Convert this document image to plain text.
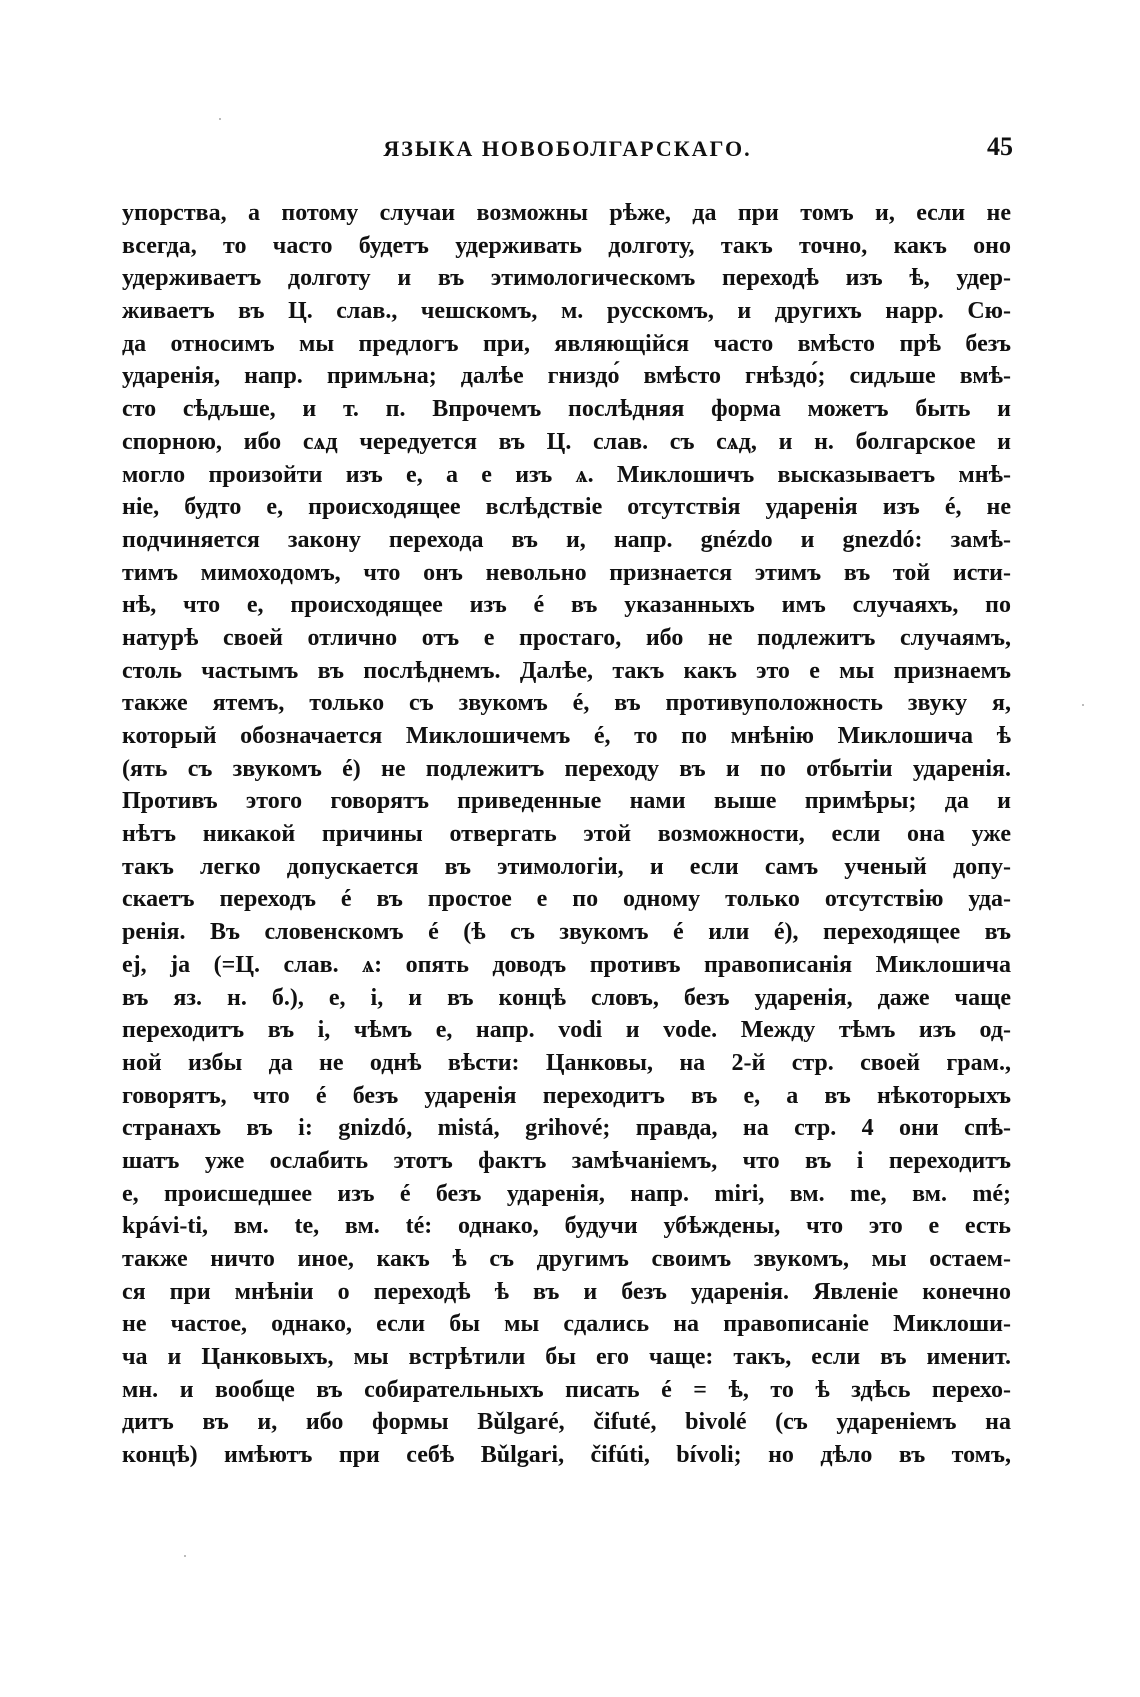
ЯЗЫКА НОВОБОЛГАРСКАГО.	45
упорства, а потому случаи возможны рѣже, да при томъ и, если не
всегда, то часто будетъ удерживать долготу, такъ точно, какъ оно
удерживаетъ долготу и въ этимологическомъ переходѣ изъ ѣ, удер-
живаетъ въ Ц. слав., чешскомъ, м. русскомъ, и другихъ нарр. Сю-
да относимъ мы предлогъ при, являющійся часто вмѣсто прѣ безъ
ударенія, напр. примљна; далѣе гниздо́ вмѣсто гнѣздо́; сидљше вмѣ-
сто сѣдљше, и т. п. Впрочемъ послѣдняя форма можетъ быть и
спорною, ибо сѧд чередуется въ Ц. слав. съ сѧд, и н. болгарское и
могло произойти изъ е, а е изъ ѧ. Миклошичъ высказываетъ мнѣ-
ніе, будто е, происходящее вслѣдствіе отсутствія ударенія изъ é, не
подчиняется закону перехода въ и, напр. gnézdo и gnezdó: замѣ-
тимъ мимоходомъ, что онъ невольно признается этимъ въ той исти-
нѣ, что е, происходящее изъ é въ указанныхъ имъ случаяхъ, по
натурѣ своей отлично отъ е простаго, ибо не подлежитъ случаямъ,
столь частымъ въ послѣднемъ. Далѣе, такъ какъ это е мы признаемъ
также ятемъ, только съ звукомъ é, въ противуположность звуку я,
который обозначается Миклошичемъ é, то по мнѣнію Миклошича ѣ
(ять съ звукомъ é) не подлежитъ переходу въ и по отбытіи ударенія.
Противъ этого говорятъ приведенные нами выше примѣры; да и
нѣтъ никакой причины отвергать этой возможности, если она уже
такъ легко допускается въ этимологіи, и если самъ ученый допу-
скаетъ переходъ é въ простое е по одному только отсутствію уда-
ренія. Въ словенскомъ é (ѣ съ звукомъ é или é), переходящее въ
ej, ja (=Ц. слав. ѧ: опять доводъ противъ правописанія Миклошича
въ яз. н. б.), е, і, и въ концѣ словъ, безъ ударенія, даже чаще
переходитъ въ i, чѣмъ е, напр. vodi и vode. Между тѣмъ изъ од-
ной избы да не однѣ вѣсти: Цанковы, на 2-й стр. своей грам.,
говорятъ, что é безъ ударенія переходитъ въ е, а въ нѣкоторыхъ
странахъ въ і: gnizdó, mistá, grihové; правда, на стр. 4 они спѣ-
шатъ уже ослабить этотъ фактъ замѣчаніемъ, что въ і переходитъ
е, происшедшее изъ é безъ ударенія, напр. miri, вм. me, вм. mé;
kpávi-ti, вм. te, вм. té: однако, будучи убѣждены, что это е есть
также ничто иное, какъ ѣ съ другимъ своимъ звукомъ, мы остаем-
ся при мнѣніи о переходѣ ѣ въ и безъ ударенія. Явленіе конечно
не частое, однако, если бы мы сдались на правописаніе Миклоши-
ча и Цанковыхъ, мы встрѣтили бы его чаще: такъ, если въ именит.
мн. и вообще въ собирательныхъ писать é = ѣ, то ѣ здѣсь перехо-
дитъ въ и, ибо формы Bǔlgaré, čifuté, bivolé (съ удареніемъ на
концѣ) имѣютъ при себѣ Bǔlgari, čifúti, bívoli; но дѣло въ томъ,
